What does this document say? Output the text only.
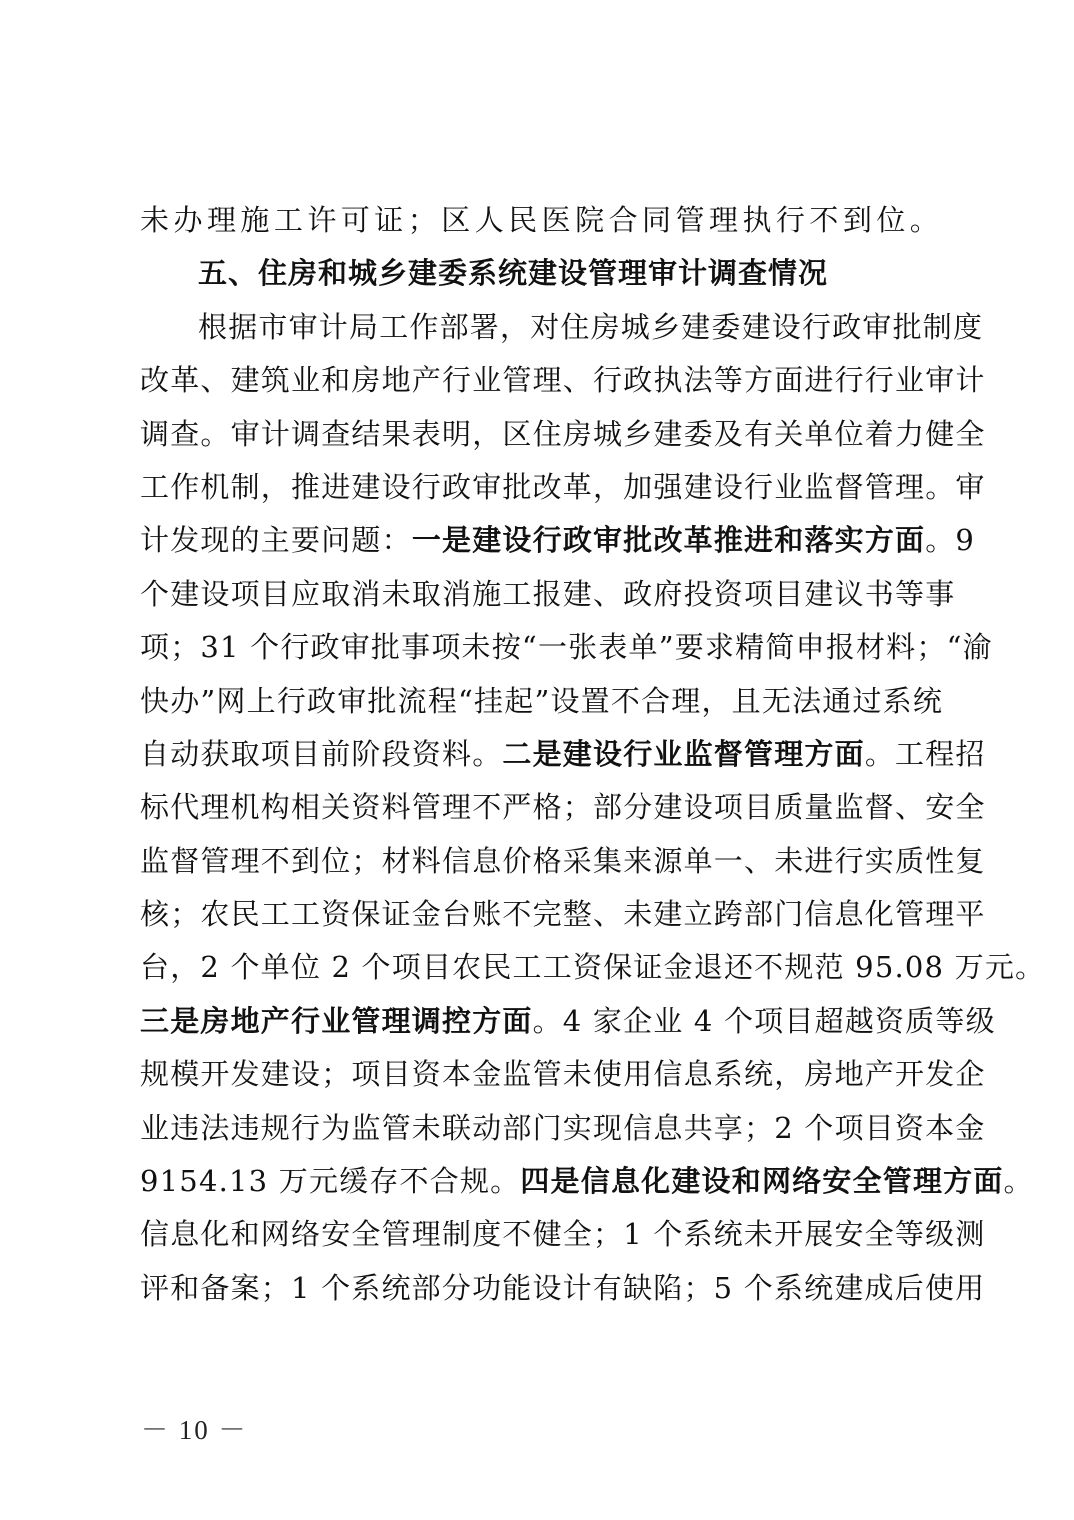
未办理施工许可证；区人民医院合同管理执行不到位。
五、住房和城乡建委系统建设管理审计调查情况
根据市审计局工作部署，对住房城乡建委建设行政审批制度
改革、建筑业和房地产行业管理、行政执法等方面进行行业审计
调查。审计调查结果表明，区住房城乡建委及有关单位着力健全
工作机制，推进建设行政审批改革，加强建设行业监督管理。审
计发现的主要问题：一是建设行政审批改革推进和落实方面。9
个建设项目应取消未取消施工报建、政府投资项目建议书等事
项；31 个行政审批事项未按“一张表单”要求精简申报材料；“渝
快办”网上行政审批流程“挂起”设置不合理，且无法通过系统
自动获取项目前阶段资料。二是建设行业监督管理方面。工程招
标代理机构相关资料管理不严格；部分建设项目质量监督、安全
监督管理不到位；材料信息价格采集来源单一、未进行实质性复
核；农民工工资保证金台账不完整、未建立跨部门信息化管理平
台，2 个单位 2 个项目农民工工资保证金退还不规范 95.08 万元。
三是房地产行业管理调控方面。4 家企业 4 个项目超越资质等级
规模开发建设；项目资本金监管未使用信息系统，房地产开发企
业违法违规行为监管未联动部门实现信息共享；2 个项目资本金
9154.13 万元缓存不合规。四是信息化建设和网络安全管理方面。
信息化和网络安全管理制度不健全；1 个系统未开展安全等级测
评和备案；1 个系统部分功能设计有缺陷；5 个系统建成后使用
－ 10 －
